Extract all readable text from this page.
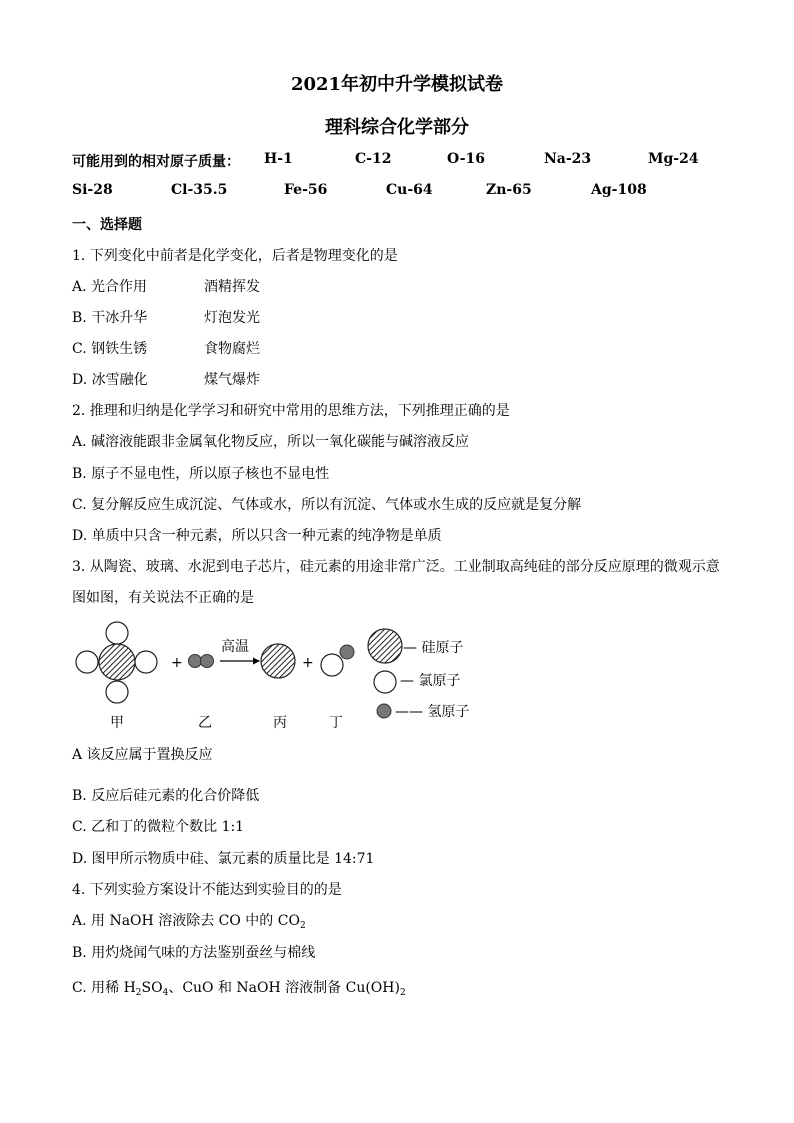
2021年初中升学模拟试卷
理科综合化学部分
可能用到的相对原子质量： H-1	C-12	O-16	Na-23	Mg-24
Si-28	Cl-35.5	Fe-56	Cu-64	Zn-65	Ag-108
一、选择题
1. 下列变化中前者是化学变化，后者是物理变化的是
A. 光合作用	酒精挥发
B. 干冰升华	灯泡发光
C. 钢铁生锈	食物腐烂
D. 冰雪融化	煤气爆炸
2. 推理和归纳是化学学习和研究中常用的思维方法，下列推理正确的是
A. 碱溶液能跟非金属氧化物反应，所以一氧化碳能与碱溶液反应
B. 原子不显电性，所以原子核也不显电性
C. 复分解反应生成沉淀、气体或水，所以有沉淀、气体或水生成的反应就是复分解
D. 单质中只含一种元素，所以只含一种元素的纯净物是单质
3. 从陶瓷、玻璃、水泥到电子芯片，硅元素的用途非常广泛。工业制取高纯硅的部分反应原理的微观示意
图如图，有关说法不正确的是
+
高温
+
— 硅原子
— 氯原子
—— 氢原子
甲	乙	丙	丁
A 该反应属于置换反应
B. 反应后硅元素的化合价降低
C. 乙和丁的微粒个数比 1:1
D. 图甲所示物质中硅、氯元素的质量比是 14:71
4. 下列实验方案设计不能达到实验目的的是
A. 用 NaOH 溶液除去 CO 中的 $CO_2$
B. 用灼烧闻气味的方法鉴别蚕丝与棉线
C. 用稀 $H_2SO_4$、CuO 和 NaOH 溶液制备 $Cu(OH)_2$
